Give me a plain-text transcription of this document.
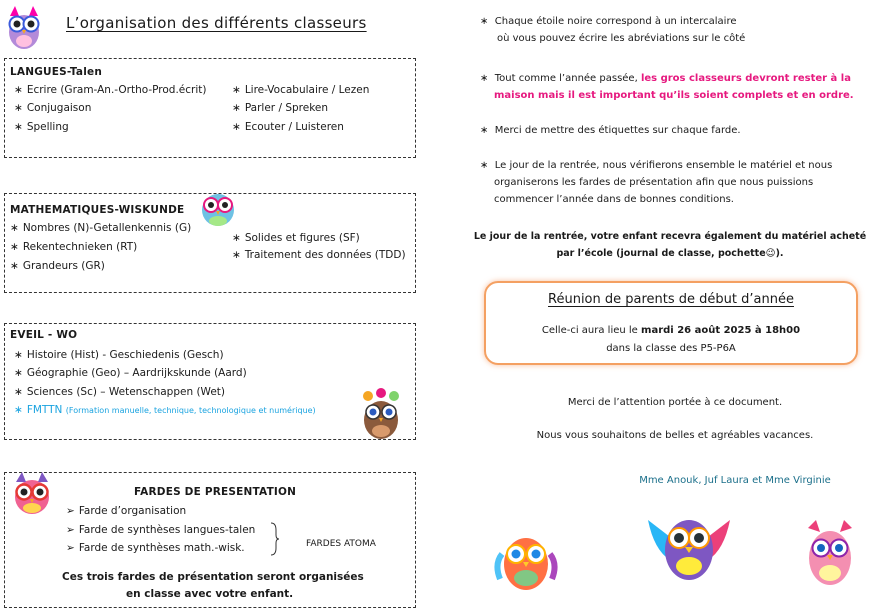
L’organisation des différents classeurs
LANGUES-Talen
∗ Ecrire (Gram-An.-Ortho-Prod.écrit)
∗ Conjugaison
∗ Spelling
∗ Lire-Vocabulaire / Lezen
∗ Parler / Spreken
∗ Ecouter / Luisteren
MATHEMATIQUES-WISKUNDE
∗ Nombres (N)-Getallenkennis (G)
∗ Rekentechnieken (RT)
∗ Grandeurs (GR)
∗ Solides et figures (SF)
∗ Traitement des données (TDD)
EVEIL - WO
∗ Histoire (Hist) - Geschiedenis (Gesch)
∗ Géographie (Geo) – Aardrijkskunde (Aard)
∗ Sciences (Sc) – Wetenschappen (Wet)
∗ FMTTN (Formation manuelle, technique, technologique et numérique)
FARDES DE PRESENTATION
➢ Farde d’organisation
➢ Farde de synthèses langues-talen
➢ Farde de synthèses math.-wisk.	FARDES ATOMA
Ces trois fardes de présentation seront organisées
en classe avec votre enfant.
∗ Chaque étoile noire correspond à un intercalaire
où vous pouvez écrire les abréviations sur le côté
∗ Tout comme l’année passée, les gros classeurs devront rester à la
maison mais il est important qu’ils soient complets et en ordre.
∗ Merci de mettre des étiquettes sur chaque farde.
∗ Le jour de la rentrée, nous vérifierons ensemble le matériel et nous
organiserons les fardes de présentation afin que nous puissions
commencer l’année dans de bonnes conditions.
Le jour de la rentrée, votre enfant recevra également du matériel acheté
par l’école (journal de classe, pochette😉).
Réunion de parents de début d’année
Celle-ci aura lieu le mardi 26 août 2025 à 18h00
dans la classe des P5-P6A
Merci de l’attention portée à ce document.
Nous vous souhaitons de belles et agréables vacances.
Mme Anouk, Juf Laura et Mme Virginie
